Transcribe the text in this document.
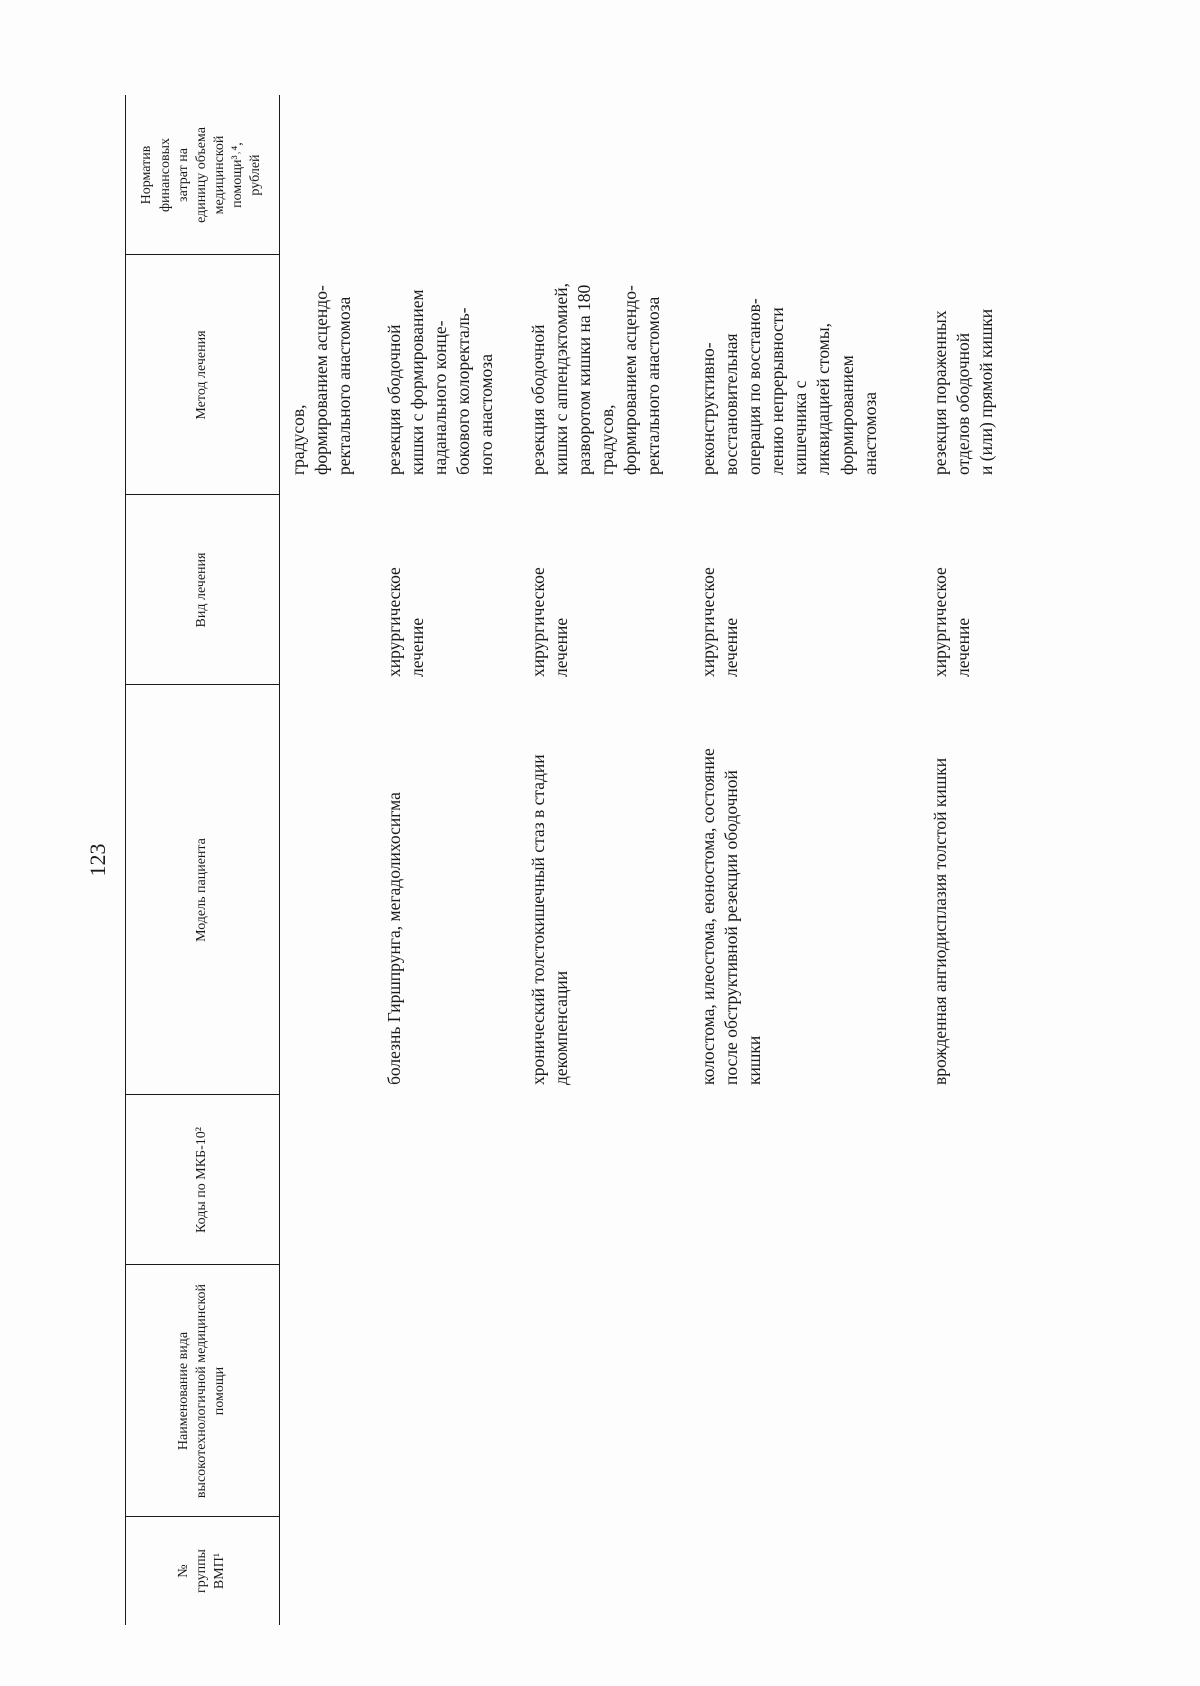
123
№
группы
ВМП¹
Наименование вида
высокотехнологичной медицинской
помощи
Коды по МКБ-10²
Модель пациента
Вид лечения
Метод лечения
Норматив
финансовых
затрат на
единицу объема
медицинской
помощи³˒⁴,
рублей
градусов,
формированием асцендо-
ректального анастомоза
болезнь Гиршпрунга, мегадолихосигма
хирургическое
лечение
резекция ободочной
кишки с формированием
наданального конце-
бокового колоректаль-
ного анастомоза
хронический толстокишечный стаз в стадии
декомпенсации
хирургическое
лечение
резекция ободочной
кишки с аппендэктомией,
разворотом кишки на 180
градусов,
формированием асцендо-
ректального анастомоза
колостома, илеостома, еюностома, состояние
после обструктивной резекции ободочной
кишки
хирургическое
лечение
реконструктивно-
восстановительная
операция по восстанов-
лению непрерывности
кишечника с
ликвидацией стомы,
формированием
анастомоза
врожденная ангиодисплазия толстой кишки
хирургическое
лечение
резекция пораженных
отделов ободочной
и (или) прямой кишки
